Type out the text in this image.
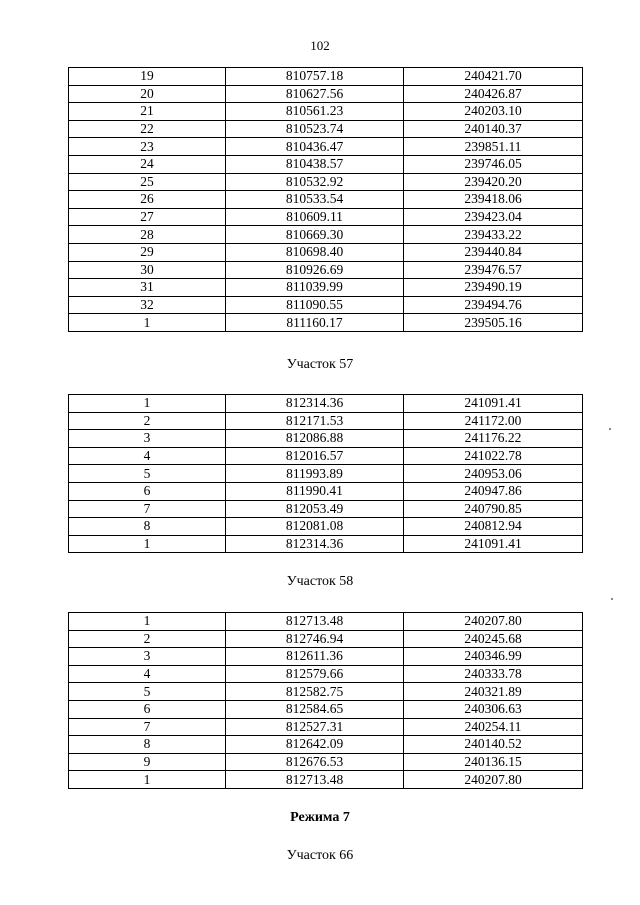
102
19	810757.18	240421.70
20	810627.56	240426.87
21	810561.23	240203.10
22	810523.74	240140.37
23	810436.47	239851.11
24	810438.57	239746.05
25	810532.92	239420.20
26	810533.54	239418.06
27	810609.11	239423.04
28	810669.30	239433.22
29	810698.40	239440.84
30	810926.69	239476.57
31	811039.99	239490.19
32	811090.55	239494.76
1	811160.17	239505.16
Участок 57
1	812314.36	241091.41
2	812171.53	241172.00
3	812086.88	241176.22
4	812016.57	241022.78
5	811993.89	240953.06
6	811990.41	240947.86
7	812053.49	240790.85
8	812081.08	240812.94
1	812314.36	241091.41
Участок 58
1	812713.48	240207.80
2	812746.94	240245.68
3	812611.36	240346.99
4	812579.66	240333.78
5	812582.75	240321.89
6	812584.65	240306.63
7	812527.31	240254.11
8	812642.09	240140.52
9	812676.53	240136.15
1	812713.48	240207.80
Режима 7
Участок 66
